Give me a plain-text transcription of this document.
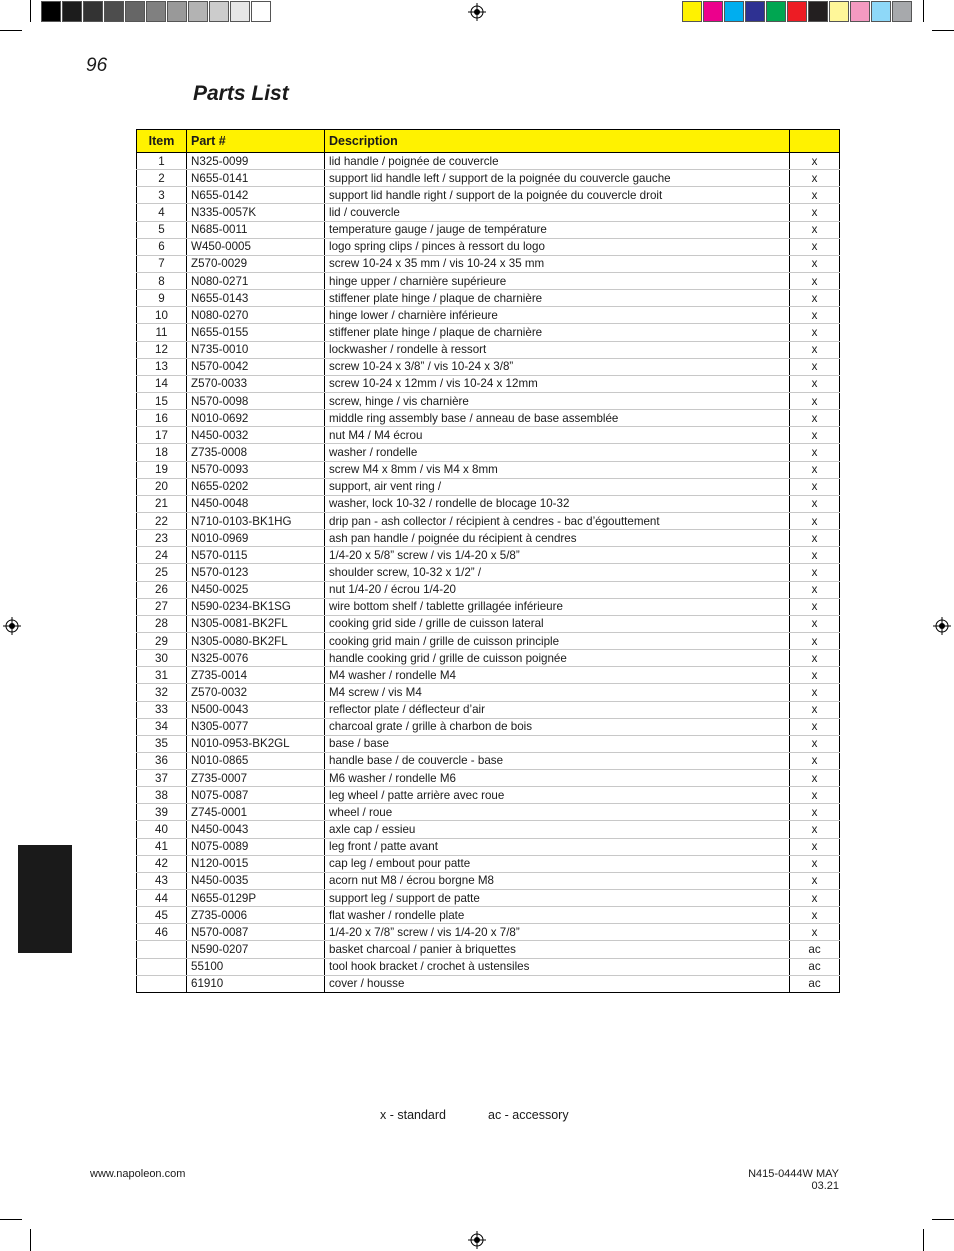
96
Parts List
Item	Part #	Description	
1	N325-0099	lid handle / poignée de couvercle	x
2	N655-0141	support lid handle left / support de la poignée du couvercle gauche	x
3	N655-0142	support lid handle right / support de la poignée du couvercle droit	x
4	N335-0057K	lid / couvercle	x
5	N685-0011	temperature gauge / jauge de température	x
6	W450-0005	logo spring clips / pinces à ressort du logo	x
7	Z570-0029	screw 10-24 x 35 mm / vis 10-24 x 35 mm	x
8	N080-0271	hinge upper / charnière supérieure	x
9	N655-0143	stiffener plate hinge / plaque de charnière	x
10	N080-0270	hinge lower / charnière inférieure	x
11	N655-0155	stiffener plate hinge / plaque de charnière	x
12	N735-0010	lockwasher / rondelle à ressort	x
13	N570-0042	screw 10-24 x 3/8” / vis 10-24 x 3/8”	x
14	Z570-0033	screw 10-24 x 12mm / vis 10-24 x 12mm	x
15	N570-0098	screw, hinge / vis charnière	x
16	N010-0692	middle ring assembly base / anneau de base assemblée	x
17	N450-0032	nut M4 / M4 écrou	x
18	Z735-0008	washer / rondelle	x
19	N570-0093	screw M4 x 8mm / vis M4 x 8mm	x
20	N655-0202	support, air vent ring /	x
21	N450-0048	washer, lock 10-32 / rondelle de blocage 10-32	x
22	N710-0103-BK1HG	drip pan - ash collector / récipient à cendres - bac d’égouttement	x
23	N010-0969	ash pan handle / poignée du récipient à cendres	x
24	N570-0115	1/4-20 x 5/8” screw / vis 1/4-20 x 5/8”	x
25	N570-0123	shoulder screw, 10-32 x 1/2” /	x
26	N450-0025	nut 1/4-20 / écrou 1/4-20	x
27	N590-0234-BK1SG	wire bottom shelf / tablette grillagée inférieure	x
28	N305-0081-BK2FL	cooking grid side / grille de cuisson lateral	x
29	N305-0080-BK2FL	cooking grid main / grille de cuisson principle	x
30	N325-0076	handle cooking grid / grille de cuisson poignée	x
31	Z735-0014	M4 washer / rondelle M4	x
32	Z570-0032	M4 screw / vis M4	x
33	N500-0043	reflector plate / déflecteur d’air	x
34	N305-0077	charcoal grate / grille à charbon de bois	x
35	N010-0953-BK2GL	base / base	x
36	N010-0865	handle base / de couvercle - base	x
37	Z735-0007	M6 washer / rondelle M6	x
38	N075-0087	leg wheel / patte arrière avec roue	x
39	Z745-0001	wheel / roue	x
40	N450-0043	axle cap / essieu	x
41	N075-0089	leg front / patte avant	x
42	N120-0015	cap leg / embout pour patte	x
43	N450-0035	acorn nut M8 / écrou borgne M8	x
44	N655-0129P	support leg / support de patte	x
45	Z735-0006	flat washer / rondelle plate	x
46	N570-0087	1/4-20 x 7/8” screw / vis 1/4-20 x 7/8”	x
	N590-0207	basket charcoal / panier à briquettes	ac
	55100	tool hook bracket / crochet à ustensiles	ac
	61910	cover / housse	ac
x - standard	ac - accessory
www.napoleon.com	N415-0444W MAY 03.21
